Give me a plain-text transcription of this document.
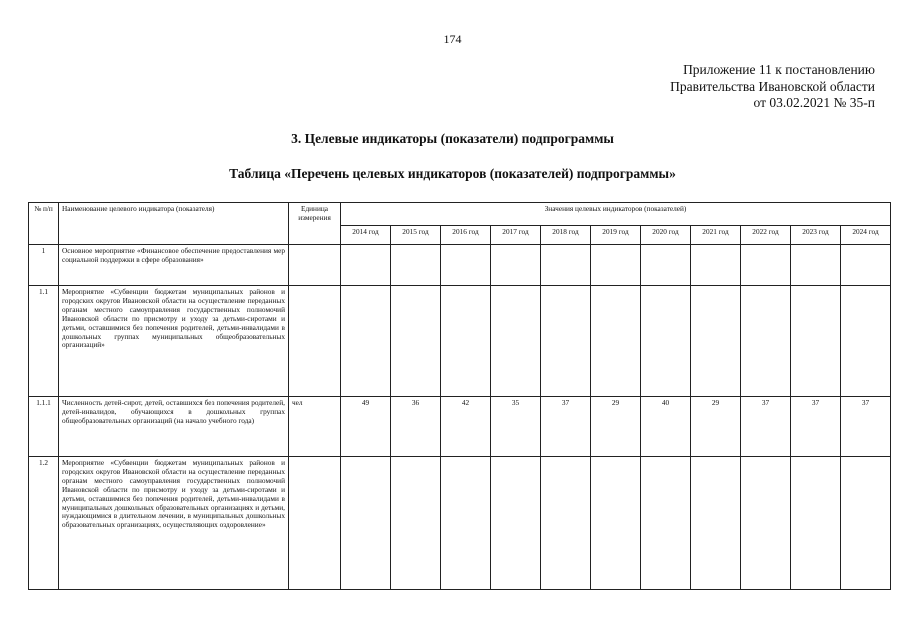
174
Приложение 11 к постановлению
Правительства Ивановской области
от 03.02.2021 № 35-п
3. Целевые индикаторы (показатели) подпрограммы
Таблица «Перечень целевых индикаторов (показателей) подпрограммы»
№ п/п	Наименование целевого индикатора (показателя)	Единица измерения	Значения целевых индикаторов (показателей)										
			2014 год	2015 год	2016 год	2017 год	2018 год	2019 год	2020 год	2021 год	2022 год	2023 год	2024 год
1	Основное мероприятие «Финансовое обеспечение предоставления мер социальной поддержки в сфере образования»												
1.1	Мероприятие «Субвенции бюджетам муниципальных районов и городских округов Ивановской области на осуществление переданных органам местного самоуправления государственных полномочий Ивановской области по присмотру и уходу за детьми-сиротами и детьми, оставшимися без попечения родителей, детьми-инвалидами в дошкольных группах муниципальных общеобразовательных организаций»												
1.1.1	Численность детей-сирот, детей, оставшихся без попечения родителей, детей-инвалидов, обучающихся в дошкольных группах общеобразовательных организаций (на начало учебного года)	чел	49	36	42	35	37	29	40	29	37	37	37
1.2	Мероприятие «Субвенции бюджетам муниципальных районов и городских округов Ивановской области на осуществление переданных органам местного самоуправления государственных полномочий Ивановской области по присмотру и уходу за детьми-сиротами и детьми, оставшимися без попечения родителей, детьми-инвалидами в муниципальных дошкольных образовательных организациях и детьми, нуждающимися в длительном лечении, в муниципальных дошкольных образовательных организациях, осуществляющих оздоровление»												
